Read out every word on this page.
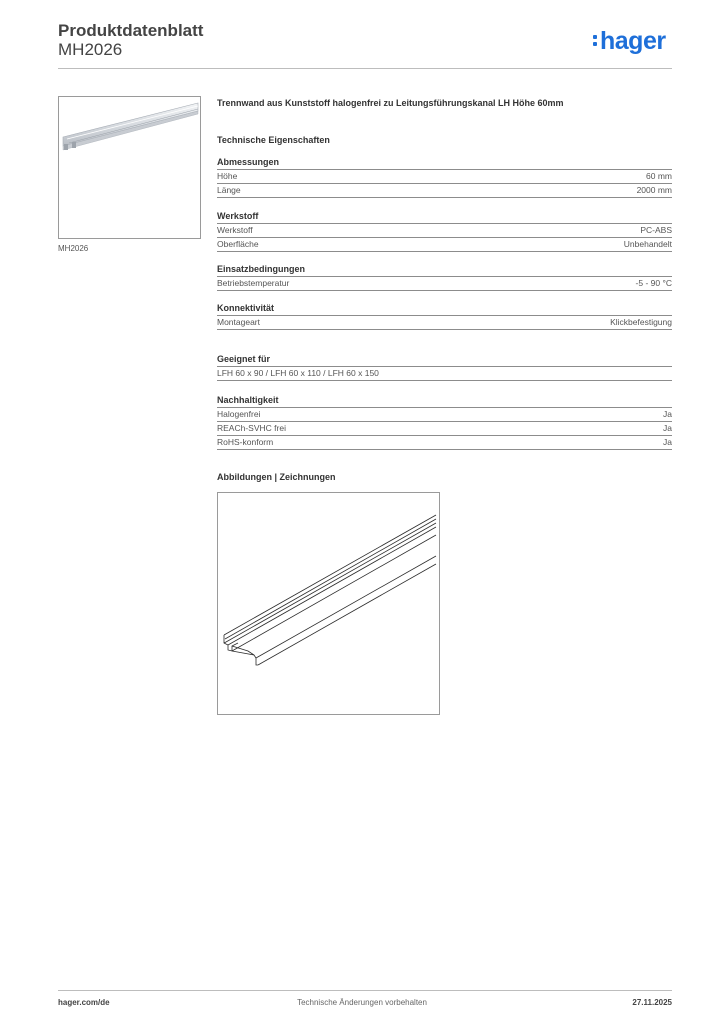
Produktdatenblatt
MH2026	hager
MH2026
Trennwand aus Kunststoff halogenfrei zu Leitungsführungskanal LH Höhe 60mm
Technische Eigenschaften
Abmessungen
Höhe	60 mm
Länge	2000 mm
Werkstoff
Werkstoff	PC-ABS
Oberfläche	Unbehandelt
Einsatzbedingungen
Betriebstemperatur	-5 - 90 °C
Konnektivität
Montageart	Klickbefestigung
Geeignet für
LFH 60 x 90 / LFH 60 x 110 / LFH 60 x 150
Nachhaltigkeit
Halogenfrei	Ja
REACh-SVHC frei	Ja
RoHS-konform	Ja
Abbildungen | Zeichnungen
hager.com/de	Technische Änderungen vorbehalten	27.11.2025
